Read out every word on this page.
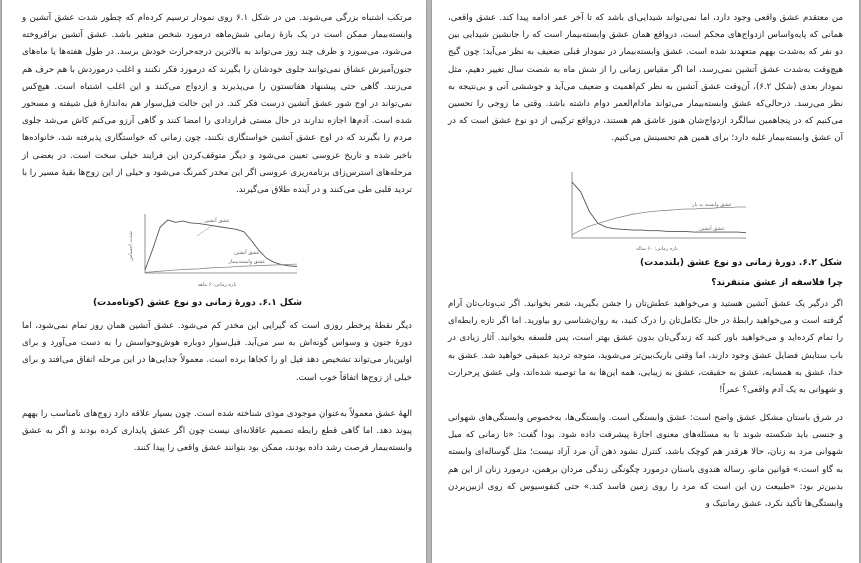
مرتکب اشتباه بزرگی می‌شوند. من در شکل ۶.۱ روی نمودار ترسیم کرده‌ام که چطور شدت عشق آتشین و وابسته‌بیمار ممکن است در یک بازهٔ زمانی شش‌ماهه درمورد شخص متغیر باشد. عشق آتشین برافروخته می‌شود، می‌سوزد و ظرف چند روز می‌تواند به بالاترین درجه‌حرارت خودش برسد. در طول هفته‌ها یا ماه‌های جنون‌آمیزش عشاق نمی‌توانند جلوی خودشان را بگیرند که درمورد فکر نکنند و اغلب درمورد‌ش با هم حرف هم می‌زنند. گاهی حتی پیشنهاد هفاتستون را می‌پذیرند و ازدواج می‌کنند و این اغلب اشتباه است. هیچ‌کس نمی‌تواند در اوج شور عشق آتشین درست فکر کند. در این حالت فیل‌سوار هم به‌اندازهٔ فیل شیفته و مسحور شده است. آدم‌ها اجازه ندارند در حال مستی قراردادی را امضا کنند و گاهی آرزو می‌کنم کاش می‌شد جلوی مردم را بگیرند که در اوج عشق آتشین خواستگاری نکنند، چون زمانی که خواستگاری پذیرفته شد، خانواده‌ها باخبر شده و تاریخ عروسی تعیین می‌شود و دیگر متوقف‌کردن این فرایند خیلی سخت است. در بعضی از مرحله‌های استرس‌زای برنامه‌ریزی عروسی اگر این مخدر کمرنگ می‌شود و خیلی از این زوج‌ها بقیهٔ مسیر را با تردید قلبی طی می‌کنند و در آینده طلاق می‌گیرند.

شدت احساس
بازه زمانی: ۶ ماهه
عشق آتشین
عشق آتشین
عشق وابسته‌بیمار
شکل ۶.۱. دورهٔ زمانی دو نوع عشق (کوتاه‌مدت)

دیگر نقطهٔ پرخطر روزی است که گیرایی این مخدر کم می‌شود. عشق آتشین همان روز تمام نمی‌شود، اما دورهٔ جنون و وسواس گونه‌اش به سر می‌آید. فیل‌سوار دوباره هوش‌وحواسش را به دست می‌آورد و برای اولین‌بار می‌تواند تشخیص دهد فیل او را کجاها برده است. معمولاً جدایی‌ها در این مرحله اتفاق می‌افتد و برای خیلی از زوج‌ها اتفاقاً خوب است.

الههٔ عشق معمولاً به‌عنوان موجودی موذی شناخته شده است. چون بسیار علاقه دارد زوج‌های نامناسب را بههم پیوند دهد. اما گاهی قطع رابطه تصمیم عاقلانه‌ای نیست چون اگر عشق پایداری کرده بودند و اگر به عشق وابسته‌بیمار فرصت رشد داده بودند، ممکن بود بتوانند عشق واقعی را پیدا کنند.

من معتقدم عشق واقعی وجود دارد، اما نمی‌تواند شیدایی‌ای باشد که تا آخر عمر ادامه پیدا کند. عشق واقعی، همانی که پایه‌واساس ازدواج‌های محکم است، درواقع همان عشق وابسته‌بیمار است که را جانشین شیدایی بین دو نفر که به‌شدت بههم متعهدند شده است. عشق وابسته‌بیمار در نمودار قبلی ضعیف به نظر می‌آید: چون گیج هیچ‌وقت به‌شدت عشق آتشین نمی‌رسد، اما اگر مقیاس زمانی را از شش ماه به شصت سال تغییر دهیم، مثل نمودار بعدی (شکل ۶.۲)، آن‌وقت عشق آتشین به نظر کم‌اهمیت و ضعیف می‌آید و جوششی آنی و بی‌نتیجه به نظر می‌رسد. درحالی‌که عشق وابسته‌بیمار می‌تواند مادام‌العمر دوام داشته باشد. وقتی ما زوجی را تحسین می‌کنیم که در پنجاهمین سالگرد ازدواج‌شان هنوز عاشق هم هستند، درواقع ترکیبی از دو نوع عشق است که در آن عشق وابسته‌بیمار غلبه دارد؛ برای همین هم تحسینش می‌کنیم.

عشق وابسته به یار
عشق آتشین
بازه زمانی: ۶۰ ساله
شکل ۶.۲. دورهٔ زمانی دو نوع عشق (بلندمدت)
چرا فلاسفه از عشق متنفرند؟

اگر درگیر یک عشق آتشین هستید و می‌خواهید عطش‌تان را جشن بگیرید، شعر بخوانید. اگر تب‌وتاب‌تان آرام گرفته است و می‌خواهید رابطهٔ در حال تکامل‌تان را درک کنید، به روان‌شناسی رو بیاورید. اما اگر تازه رابطه‌ای را تمام کرده‌اید و می‌خواهید باور کنید که زندگی‌تان بدون عشق بهتر است، پس فلسفه بخوانید. آثار زیادی در باب ستایش فضایل عشق وجود دارند، اما وقتی باریک‌بین‌تر می‌شوید، متوجه تردید عمیقی خواهید شد. عشق به خدا، عشق به همسایه، عشق به حقیقت، عشق به زیبایی، همه این‌ها به ما توصیه شده‌اند، ولی عشق پرحرارت و شهوانی به یک آدم واقعی؟ عمراً!

در شرق باستان مشکل عشق واضح است: عشق وابستگی است. وابستگی‌ها، به‌خصوص وابستگی‌های شهوانی و جنسی باید شکسته شوند تا به مسئله‌های معنوی اجازهٔ پیشرفت داده شود. بودا گفت: «تا زمانی که میل شهوانی مرد به زنان، حالا هرقدر هم کوچک باشد، کنترل نشود ذهن آن مرد آزاد نیست؛ مثل گوساله‌ای وابسته به گاو است.» قوانین مانو، رساله هندوی باستان درمورد چگونگی زندگی مردان برهمن، درمورد زنان از این هم بدبین‌تر بود: «طبیعت زن این است که مرد را روی زمین فاسد کند.» حتی کنفوسیوس که روی ازبین‌بردن وابستگی‌ها تأکید نکرد، عشق رمانتیک و
